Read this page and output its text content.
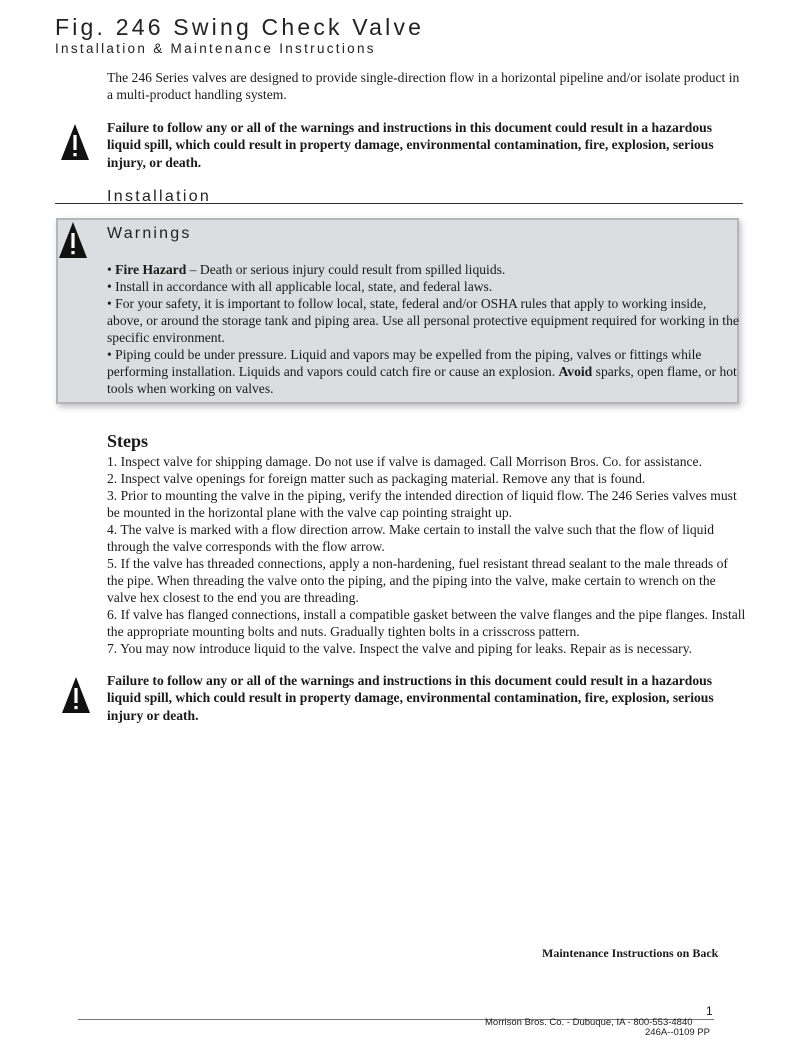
Fig. 246 Swing Check Valve
Installation & Maintenance Instructions
The 246 Series valves are designed to provide single-direction flow in a horizontal pipeline and/or isolate product in a multi-product handling system.
Failure to follow any or all of the warnings and instructions in this document could result in a hazardous liquid spill, which could result in property damage, environmental contamination, fire, explosion, serious injury, or death.
Installation
Warnings

• Fire Hazard – Death or serious injury could result from spilled liquids.

• Install in accordance with all applicable local, state, and federal laws.

• For your safety, it is important to follow local, state, federal and/or OSHA rules that apply to working inside, above, or around the storage tank and piping area. Use all personal protective equipment required for working in the specific environment.

• Piping could be under pressure. Liquid and vapors may be expelled from the piping, valves or fittings while performing installation. Liquids and vapors could catch fire or cause an explosion. Avoid sparks, open flame, or hot tools when working on valves.

Steps

1. Inspect valve for shipping damage. Do not use if valve is damaged. Call Morrison Bros. Co. for assistance.

2. Inspect valve openings for foreign matter such as packaging material. Remove any that is found.

3. Prior to mounting the valve in the piping, verify the intended direction of liquid flow. The 246 Series valves must be mounted in the horizontal plane with the valve cap pointing straight up.

4. The valve is marked with a flow direction arrow. Make certain to install the valve such that the flow of liquid through the valve corresponds with the flow arrow.

5. If the valve has threaded connections, apply a non-hardening, fuel resistant thread sealant to the male threads of the pipe. When threading the valve onto the piping, and the piping into the valve, make certain to wrench on the valve hex closest to the end you are threading.

6. If valve has flanged connections, install a compatible gasket between the valve flanges and the pipe flanges. Install the appropriate mounting bolts and nuts. Gradually tighten bolts in a crisscross pattern.

7. You may now introduce liquid to the valve. Inspect the valve and piping for leaks. Repair as is necessary.

Failure to follow any or all of the warnings and instructions in this document could result in a hazardous liquid spill, which could result in property damage, environmental contamination, fire, explosion, serious injury or death.
Maintenance Instructions on Back
1
Morrison Bros. Co. - Dubuque, IA - 800-553-4840
246A--0109 PP
